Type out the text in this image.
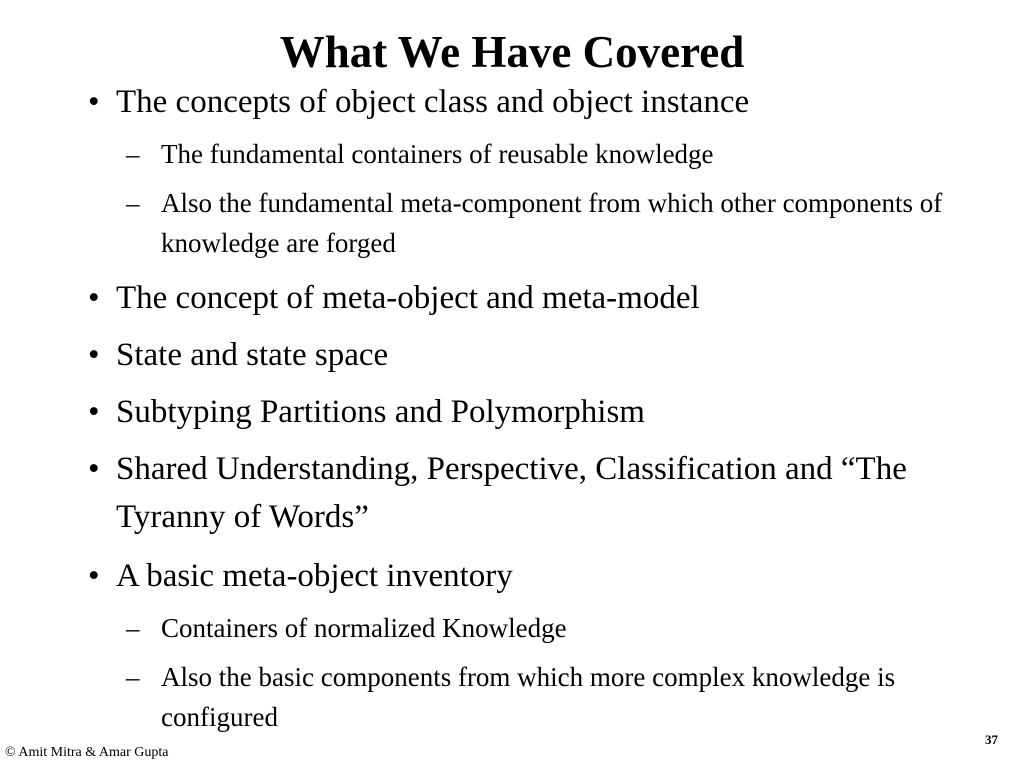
What We Have Covered
• The concepts of object class and object instance
– The fundamental containers of reusable knowledge
– Also the fundamental meta-component from which other components of knowledge are forged
• The concept of meta-object and meta-model
• State and state space
• Subtyping Partitions and Polymorphism
• Shared Understanding, Perspective, Classification and “The Tyranny of Words”
• A basic meta-object inventory
– Containers of normalized Knowledge
– Also the basic components from which more complex knowledge is configured
37
© Amit Mitra & Amar Gupta
